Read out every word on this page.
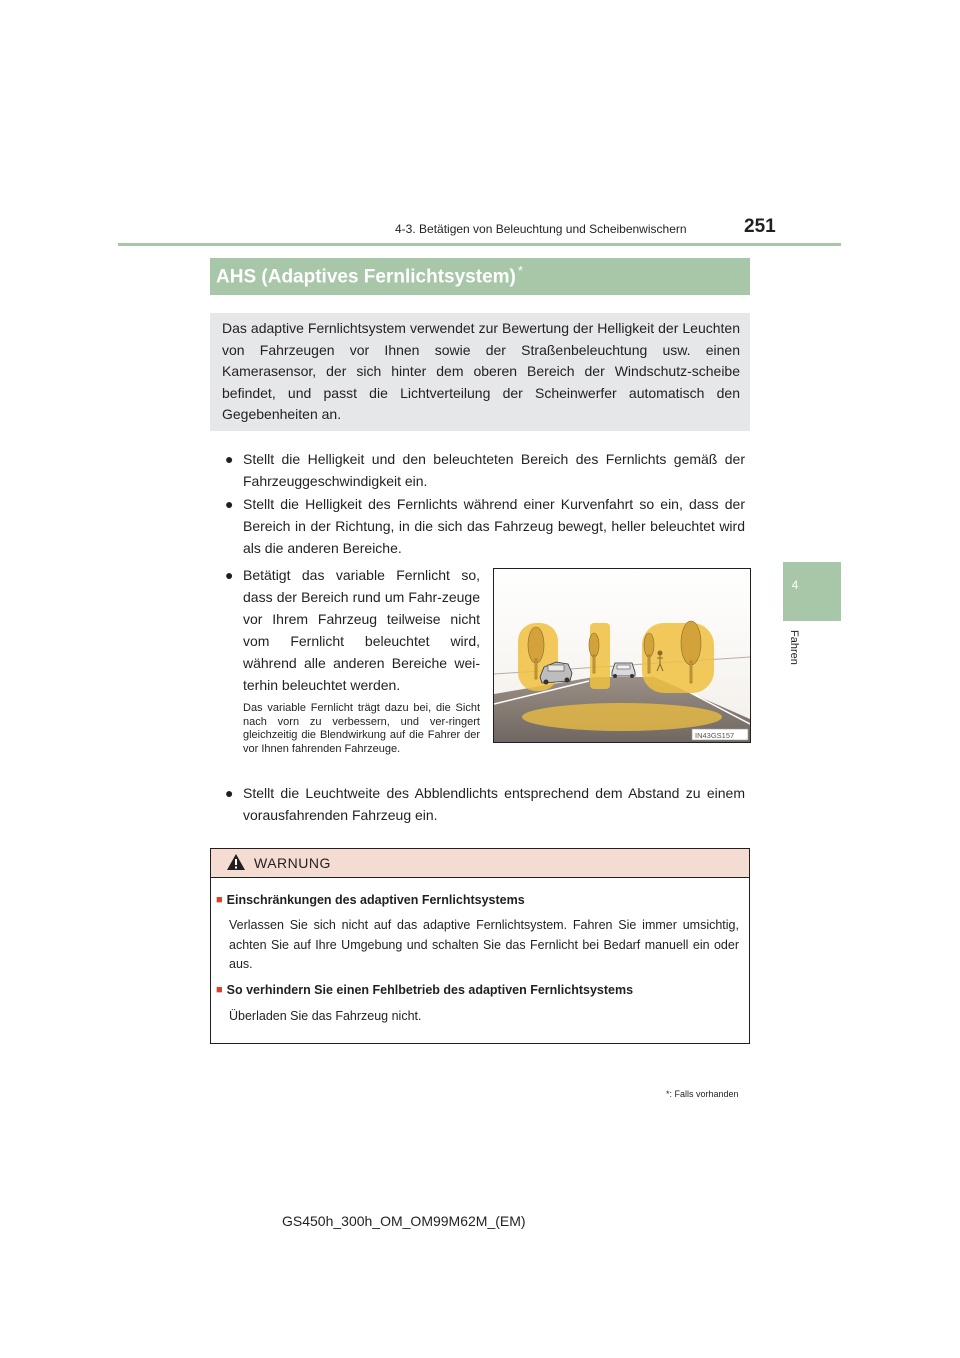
4-3. Betätigen von Beleuchtung und Scheibenwischern	251
4
Fahren
AHS (Adaptives Fernlichtsystem) *
Das adaptive Fernlichtsystem verwendet zur Bewertung der Helligkeit der Leuchten von Fahrzeugen vor Ihnen sowie der Straßenbeleuchtung usw. einen Kamerasensor, der sich hinter dem oberen Bereich der Windschutz-scheibe befindet, und passt die Lichtverteilung der Scheinwerfer automatisch den Gegebenheiten an.
● Stellt die Helligkeit und den beleuchteten Bereich des Fernlichts gemäß der Fahrzeuggeschwindigkeit ein.
● Stellt die Helligkeit des Fernlichts während einer Kurvenfahrt so ein, dass der Bereich in der Richtung, in die sich das Fahrzeug bewegt, heller beleuchtet wird als die anderen Bereiche.
● Betätigt das variable Fernlicht so, dass der Bereich rund um Fahr-zeuge vor Ihrem Fahrzeug teilweise nicht vom Fernlicht beleuchtet wird, während alle anderen Bereiche wei-terhin beleuchtet werden.
Das variable Fernlicht trägt dazu bei, die Sicht nach vorn zu verbessern, und ver-ringert gleichzeitig die Blendwirkung auf die Fahrer der vor Ihnen fahrenden Fahrzeuge.
● Stellt die Leuchtweite des Abblendlichts entsprechend dem Abstand zu einem vorausfahrenden Fahrzeug ein.
IN43GS157
WARNUNG
■ Einschränkungen des adaptiven Fernlichtsystems
Verlassen Sie sich nicht auf das adaptive Fernlichtsystem. Fahren Sie immer umsichtig, achten Sie auf Ihre Umgebung und schalten Sie das Fernlicht bei Bedarf manuell ein oder aus.
■ So verhindern Sie einen Fehlbetrieb des adaptiven Fernlichtsystems
Überladen Sie das Fahrzeug nicht.
*: Falls vorhanden
GS450h_300h_OM_OM99M62M_(EM)
